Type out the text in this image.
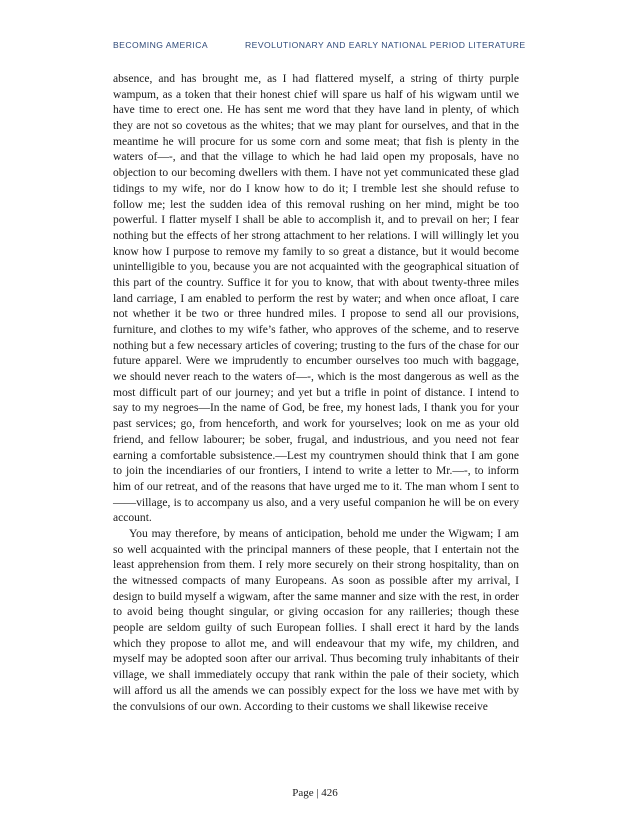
BECOMING AMERICA	REVOLUTIONARY AND EARLY NATIONAL PERIOD LITERATURE

absence, and has brought me, as I had flattered myself, a string of thirty purple wampum, as a token that their honest chief will spare us half of his wigwam until we have time to erect one. He has sent me word that they have land in plenty, of which they are not so covetous as the whites; that we may plant for ourselves, and that in the meantime he will procure for us some corn and some meat; that fish is plenty in the waters of—-, and that the village to which he had laid open my proposals, have no objection to our becoming dwellers with them. I have not yet communicated these glad tidings to my wife, nor do I know how to do it; I tremble lest she should refuse to follow me; lest the sudden idea of this removal rushing on her mind, might be too powerful. I flatter myself I shall be able to accomplish it, and to prevail on her; I fear nothing but the effects of her strong attachment to her relations. I will willingly let you know how I purpose to remove my family to so great a distance, but it would become unintelligible to you, because you are not acquainted with the geographical situation of this part of the country. Suffice it for you to know, that with about twenty-three miles land carriage, I am enabled to perform the rest by water; and when once afloat, I care not whether it be two or three hundred miles. I propose to send all our provisions, furniture, and clothes to my wife’s father, who approves of the scheme, and to reserve nothing but a few necessary articles of covering; trusting to the furs of the chase for our future apparel. Were we imprudently to encumber ourselves too much with baggage, we should never reach to the waters of—-, which is the most dangerous as well as the most difficult part of our journey; and yet but a trifle in point of distance. I intend to say to my negroes—In the name of God, be free, my honest lads, I thank you for your past services; go, from henceforth, and work for yourselves; look on me as your old friend, and fellow labourer; be sober, frugal, and industrious, and you need not fear earning a comfortable subsistence.—Lest my countrymen should think that I am gone to join the incendiaries of our frontiers, I intend to write a letter to Mr.—-, to inform him of our retreat, and of the reasons that have urged me to it. The man whom I sent to——village, is to accompany us also, and a very useful companion he will be on every account.

You may therefore, by means of anticipation, behold me under the Wigwam; I am so well acquainted with the principal manners of these people, that I entertain not the least apprehension from them. I rely more securely on their strong hospitality, than on the witnessed compacts of many Europeans. As soon as possible after my arrival, I design to build myself a wigwam, after the same manner and size with the rest, in order to avoid being thought singular, or giving occasion for any railleries; though these people are seldom guilty of such European follies. I shall erect it hard by the lands which they propose to allot me, and will endeavour that my wife, my children, and myself may be adopted soon after our arrival. Thus becoming truly inhabitants of their village, we shall immediately occupy that rank within the pale of their society, which will afford us all the amends we can possibly expect for the loss we have met with by the convulsions of our own. According to their customs we shall likewise receive

Page | 426
